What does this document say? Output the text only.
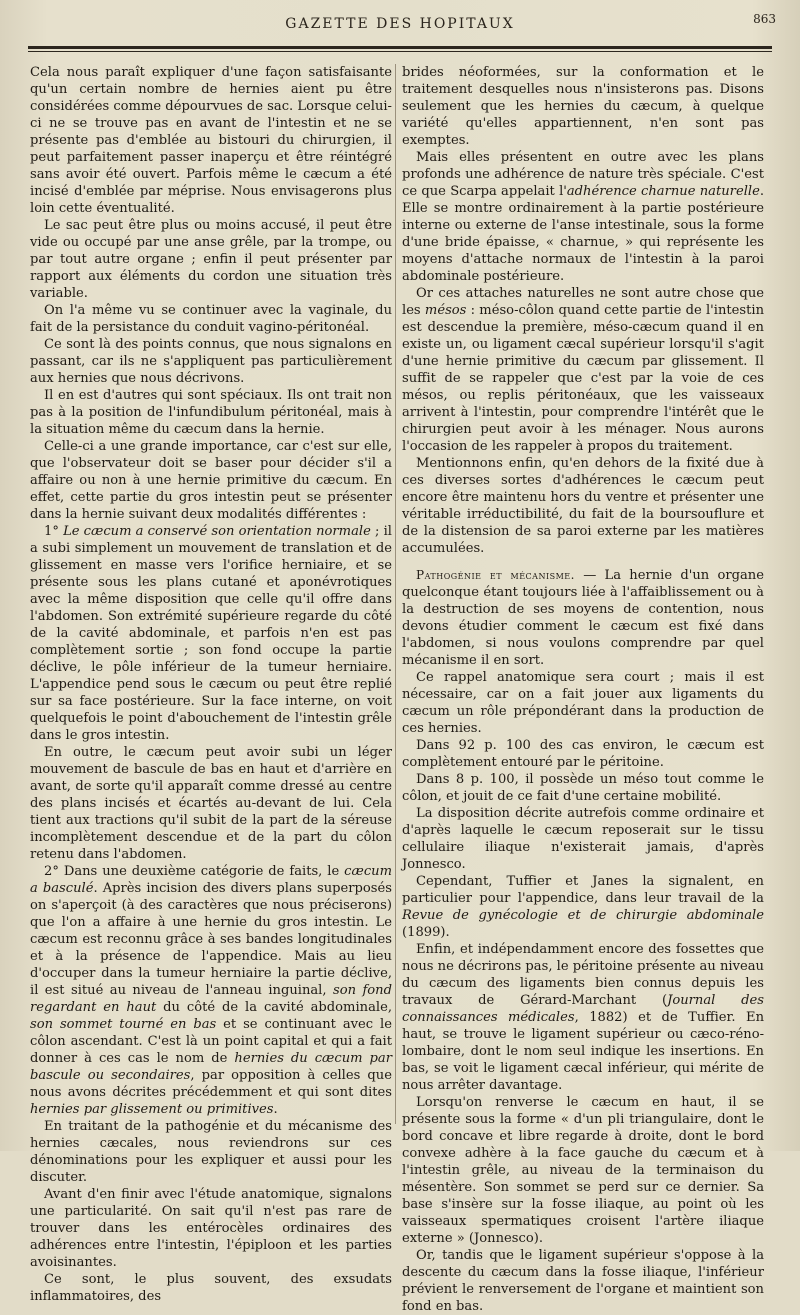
GAZETTE DES HOPITAUX	863

Cela nous paraît expliquer d'une façon satisfaisante qu'un certain nombre de hernies aient pu être considérées comme dépourvues de sac. Lorsque celui-ci ne se trouve pas en avant de l'intestin et ne se présente pas d'emblée au bistouri du chirurgien, il peut parfaitement passer inaperçu et être réintégré sans avoir été ouvert. Parfois même le cæcum a été incisé d'emblée par méprise. Nous envisagerons plus loin cette éventualité.

Le sac peut être plus ou moins accusé, il peut être vide ou occupé par une anse grêle, par la trompe, ou par tout autre organe ; enfin il peut présenter par rapport aux éléments du cordon une situation très variable.

On l'a même vu se continuer avec la vaginale, du fait de la persistance du conduit vagino-péritonéal.

Ce sont là des points connus, que nous signalons en passant, car ils ne s'appliquent pas particulièrement aux hernies que nous décrivons.

Il en est d'autres qui sont spéciaux. Ils ont trait non pas à la position de l'infundibulum péritonéal, mais à la situation même du cæcum dans la hernie.

Celle-ci a une grande importance, car c'est sur elle, que l'observateur doit se baser pour décider s'il a affaire ou non à une hernie primitive du cæcum. En effet, cette partie du gros intestin peut se présenter dans la hernie suivant deux modalités différentes :

1° Le cæcum a conservé son orientation normale ; il a subi simplement un mouvement de translation et de glissement en masse vers l'orifice herniaire, et se présente sous les plans cutané et aponévrotiques avec la même disposition que celle qu'il offre dans l'abdomen. Son extrémité supérieure regarde du côté de la cavité abdominale, et parfois n'en est pas complètement sortie ; son fond occupe la partie déclive, le pôle inférieur de la tumeur herniaire. L'appendice pend sous le cæcum ou peut être replié sur sa face postérieure. Sur la face interne, on voit quelquefois le point d'abouchement de l'intestin grêle dans le gros intestin.

En outre, le cæcum peut avoir subi un léger mouvement de bascule de bas en haut et d'arrière en avant, de sorte qu'il apparaît comme dressé au centre des plans incisés et écartés au-devant de lui. Cela tient aux tractions qu'il subit de la part de la séreuse incomplètement descendue et de la part du côlon retenu dans l'abdomen.

2° Dans une deuxième catégorie de faits, le cæcum a basculé. Après incision des divers plans superposés on s'aperçoit (à des caractères que nous préciserons) que l'on a affaire à une hernie du gros intestin. Le cæcum est reconnu grâce à ses bandes longitudinales et à la présence de l'appendice. Mais au lieu d'occuper dans la tumeur herniaire la partie déclive, il est situé au niveau de l'anneau inguinal, son fond regardant en haut du côté de la cavité abdominale, son sommet tourné en bas et se continuant avec le côlon ascendant. C'est là un point capital et qui a fait donner à ces cas le nom de hernies du cæcum par bascule ou secondaires, par opposition à celles que nous avons décrites précédemment et qui sont dites hernies par glissement ou primitives.

En traitant de la pathogénie et du mécanisme des hernies cæcales, nous reviendrons sur ces dénominations pour les expliquer et aussi pour les discuter.

Avant d'en finir avec l'étude anatomique, signalons une particularité. On sait qu'il n'est pas rare de trouver dans les entérocèles ordinaires des adhérences entre l'intestin, l'épiploon et les parties avoisinantes.

Ce sont, le plus souvent, des exsudats inflammatoires, des

brides néoformées, sur la conformation et le traitement desquelles nous n'insisterons pas. Disons seulement que les hernies du cæcum, à quelque variété qu'elles appartiennent, n'en sont pas exemptes.

Mais elles présentent en outre avec les plans profonds une adhérence de nature très spéciale. C'est ce que Scarpa appelait l'adhérence charnue naturelle. Elle se montre ordinairement à la partie postérieure interne ou externe de l'anse intestinale, sous la forme d'une bride épaisse, « charnue, » qui représente les moyens d'attache normaux de l'intestin à la paroi abdominale postérieure.

Or ces attaches naturelles ne sont autre chose que les mésos : méso-côlon quand cette partie de l'intestin est descendue la première, méso-cæcum quand il en existe un, ou ligament cæcal supérieur lorsqu'il s'agit d'une hernie primitive du cæcum par glissement. Il suffit de se rappeler que c'est par la voie de ces mésos, ou replis péritonéaux, que les vaisseaux arrivent à l'intestin, pour comprendre l'intérêt que le chirurgien peut avoir à les ménager. Nous aurons l'occasion de les rappeler à propos du traitement.

Mentionnons enfin, qu'en dehors de la fixité due à ces diverses sortes d'adhérences le cæcum peut encore être maintenu hors du ventre et présenter une véritable irréductibilité, du fait de la boursouflure et de la distension de sa paroi externe par les matières accumulées.

Pathogénie et mécanisme. — La hernie d'un organe quelconque étant toujours liée à l'affaiblissement ou à la destruction de ses moyens de contention, nous devons étudier comment le cæcum est fixé dans l'abdomen, si nous voulons comprendre par quel mécanisme il en sort.

Ce rappel anatomique sera court ; mais il est nécessaire, car on a fait jouer aux ligaments du cæcum un rôle prépondérant dans la production de ces hernies.

Dans 92 p. 100 des cas environ, le cæcum est complètement entouré par le péritoine.

Dans 8 p. 100, il possède un méso tout comme le côlon, et jouit de ce fait d'une certaine mobilité.

La disposition décrite autrefois comme ordinaire et d'après laquelle le cæcum reposerait sur le tissu cellulaire iliaque n'existerait jamais, d'après Jonnesco.

Cependant, Tuffier et Janes la signalent, en particulier pour l'appendice, dans leur travail de la Revue de gynécologie et de chirurgie abdominale (1899).

Enfin, et indépendamment encore des fossettes que nous ne décrirons pas, le péritoine présente au niveau du cæcum des ligaments bien connus depuis les travaux de Gérard-Marchant (Journal des connaissances médicales, 1882) et de Tuffier. En haut, se trouve le ligament supérieur ou cæco-réno-lombaire, dont le nom seul indique les insertions. En bas, se voit le ligament cæcal inférieur, qui mérite de nous arrêter davantage.

Lorsqu'on renverse le cæcum en haut, il se présente sous la forme « d'un pli triangulaire, dont le bord concave et libre regarde à droite, dont le bord convexe adhère à la face gauche du cæcum et à l'intestin grêle, au niveau de la terminaison du mésentère. Son sommet se perd sur ce dernier. Sa base s'insère sur la fosse iliaque, au point où les vaisseaux spermatiques croisent l'artère iliaque externe » (Jonnesco).

Or, tandis que le ligament supérieur s'oppose à la descente du cæcum dans la fosse iliaque, l'inférieur prévient le renversement de l'organe et maintient son fond en bas.
